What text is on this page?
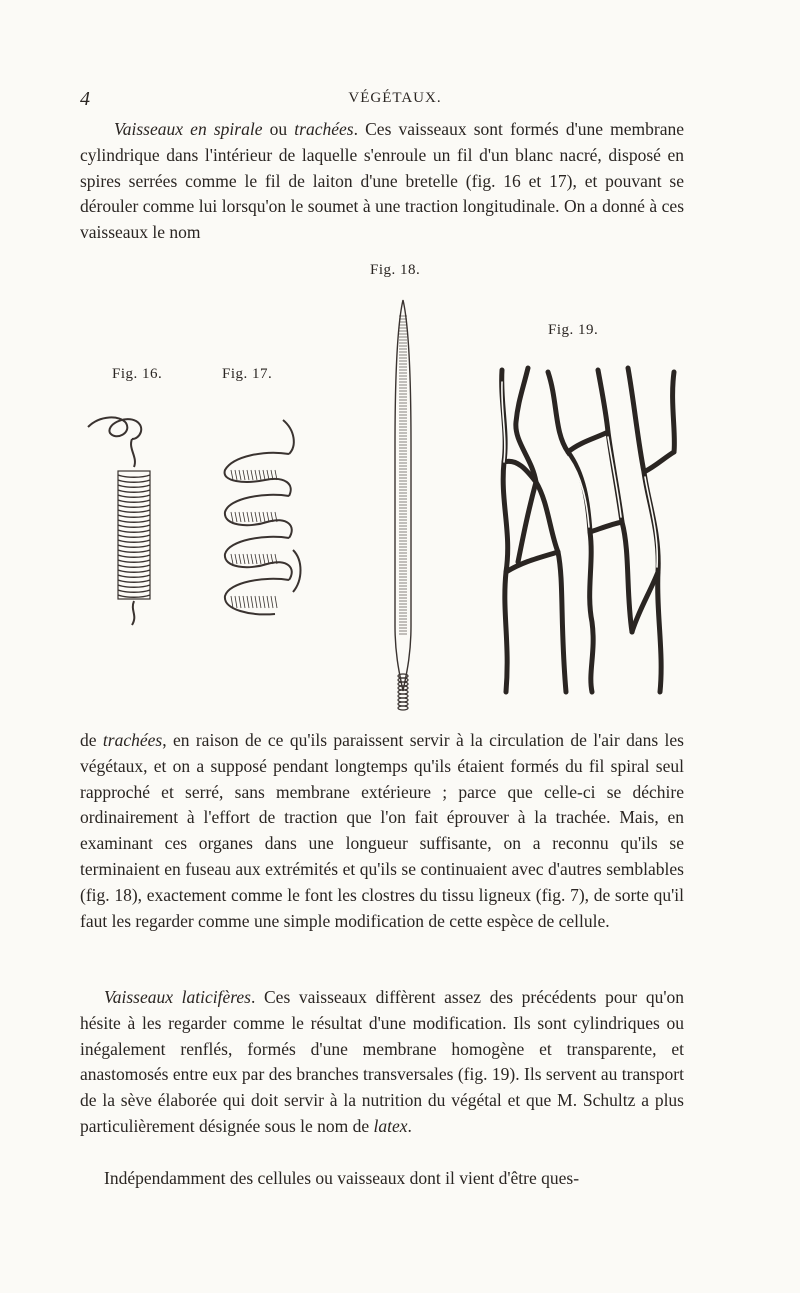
4	VÉGÉTAUX.

Vaisseaux en spirale ou trachées. Ces vaisseaux sont formés d'une membrane cylindrique dans l'intérieur de laquelle s'enroule un fil d'un blanc nacré, disposé en spires serrées comme le fil de laiton d'une bretelle (fig. 16 et 17), et pouvant se dérouler comme lui lorsqu'on le soumet à une traction longitudinale. On a donné à ces vaisseaux le nom

Fig. 16.	Fig. 17.
Fig. 18.
Fig. 19.

de trachées, en raison de ce qu'ils paraissent servir à la circulation de l'air dans les végétaux, et on a supposé pendant longtemps qu'ils étaient formés du fil spiral seul rapproché et serré, sans membrane extérieure ; parce que celle-ci se déchire ordinairement à l'effort de traction que l'on fait éprouver à la trachée. Mais, en examinant ces organes dans une longueur suffisante, on a reconnu qu'ils se terminaient en fuseau aux extrémités et qu'ils se continuaient avec d'autres semblables (fig. 18), exactement comme le font les clostres du tissu ligneux (fig. 7), de sorte qu'il faut les regarder comme une simple modification de cette espèce de cellule.

Vaisseaux laticifères. Ces vaisseaux diffèrent assez des précédents pour qu'on hésite à les regarder comme le résultat d'une modification. Ils sont cylindriques ou inégalement renflés, formés d'une membrane homogène et transparente, et anastomosés entre eux par des branches transversales (fig. 19). Ils servent au transport de la sève élaborée qui doit servir à la nutrition du végétal et que M. Schultz a plus particulièrement désignée sous le nom de latex.

Indépendamment des cellules ou vaisseaux dont il vient d'être ques-
